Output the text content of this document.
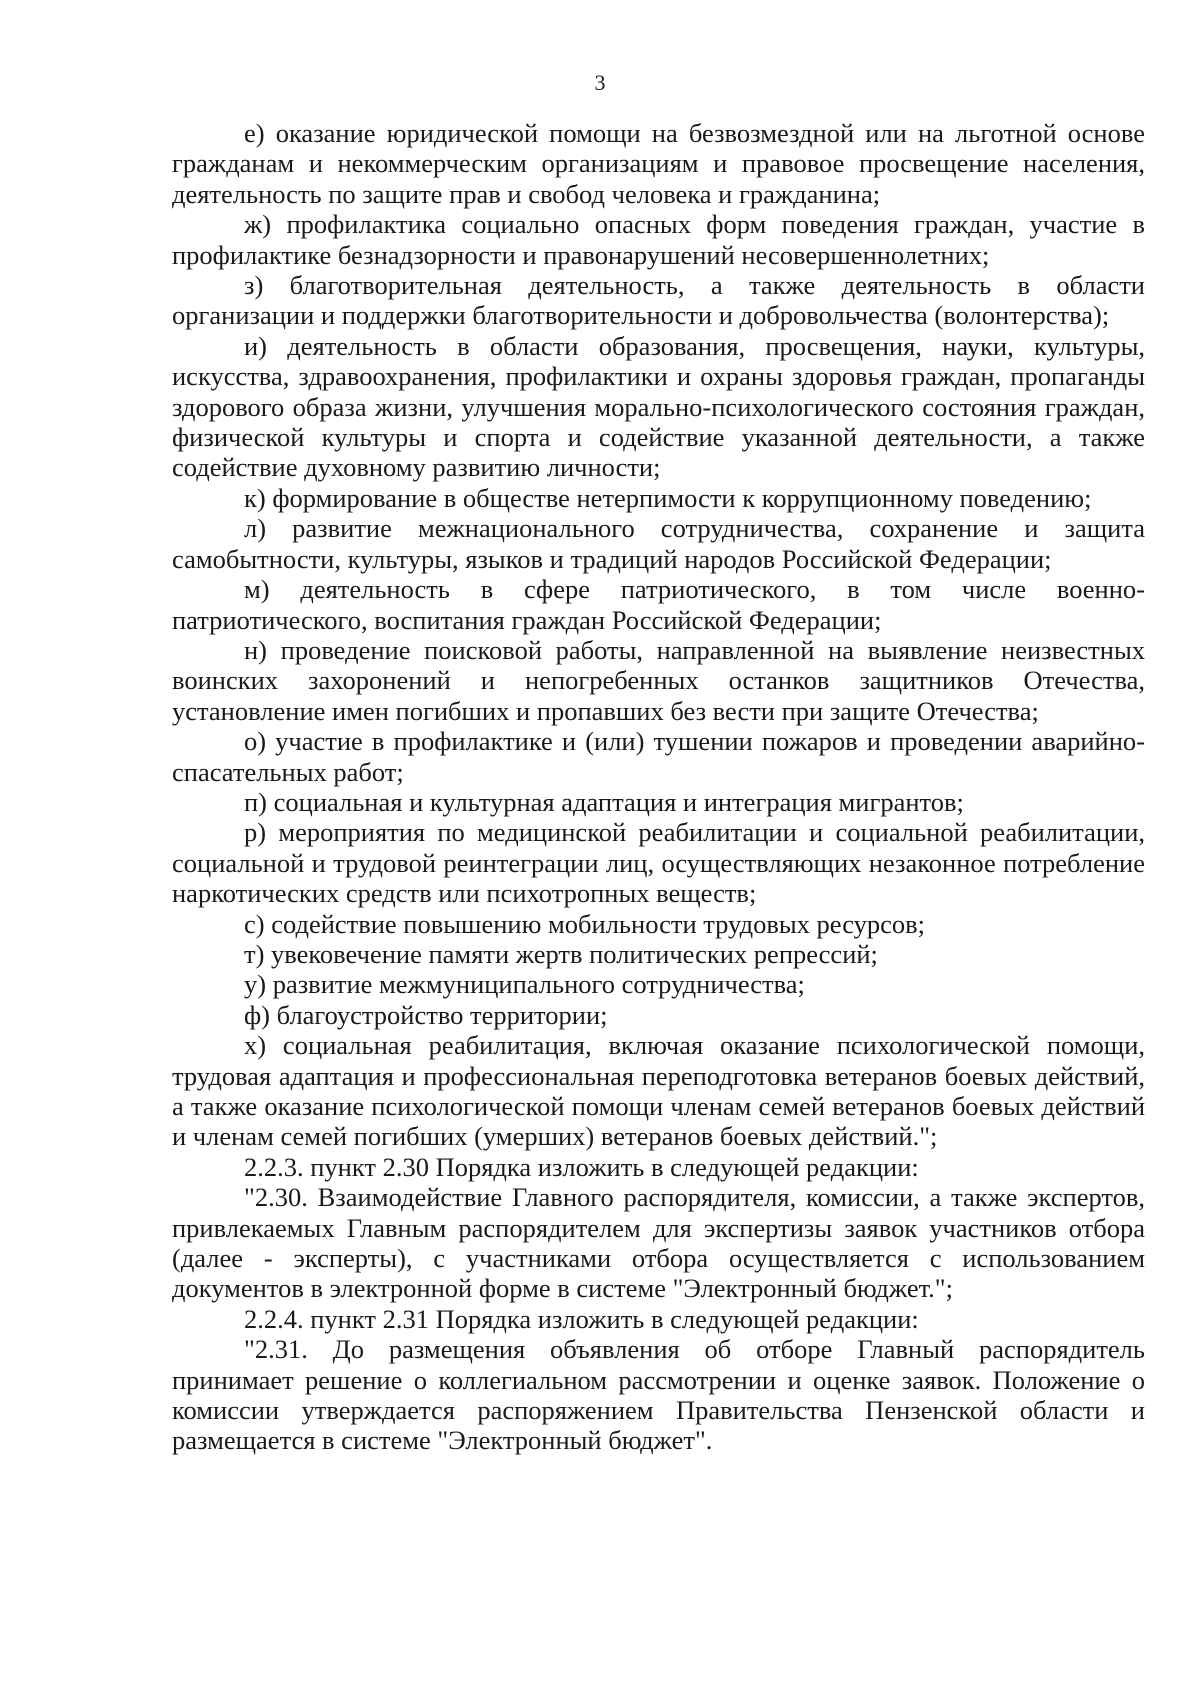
3

е) оказание юридической помощи на безвозмездной или на льготной основе гражданам и некоммерческим организациям и правовое просвещение населения, деятельность по защите прав и свобод человека и гражданина;

ж) профилактика социально опасных форм поведения граждан, участие в профилактике безнадзорности и правонарушений несовершеннолетних;

з) благотворительная деятельность, а также деятельность в области организации и поддержки благотворительности и добровольчества (волонтерства);

и) деятельность в области образования, просвещения, науки, культуры, искусства, здравоохранения, профилактики и охраны здоровья граждан, пропаганды здорового образа жизни, улучшения морально-психологического состояния граждан, физической культуры и спорта и содействие указанной деятельности, а также содействие духовному развитию личности;

к) формирование в обществе нетерпимости к коррупционному поведению;

л) развитие межнационального сотрудничества, сохранение и защита самобытности, культуры, языков и традиций народов Российской Федерации;

м) деятельность в сфере патриотического, в том числе военно-патриотического, воспитания граждан Российской Федерации;

н) проведение поисковой работы, направленной на выявление неизвестных воинских захоронений и непогребенных останков защитников Отечества, установление имен погибших и пропавших без вести при защите Отечества;

о) участие в профилактике и (или) тушении пожаров и проведении аварийно-спасательных работ;

п) социальная и культурная адаптация и интеграция мигрантов;

р) мероприятия по медицинской реабилитации и социальной реабилитации, социальной и трудовой реинтеграции лиц, осуществляющих незаконное потребление наркотических средств или психотропных веществ;

с) содействие повышению мобильности трудовых ресурсов;

т) увековечение памяти жертв политических репрессий;

у) развитие межмуниципального сотрудничества;

ф) благоустройство территории;

х) социальная реабилитация, включая оказание психологической помощи, трудовая адаптация и профессиональная переподготовка ветеранов боевых действий, а также оказание психологической помощи членам семей ветеранов боевых действий и членам семей погибших (умерших) ветеранов боевых действий.";

2.2.3. пункт 2.30 Порядка изложить в следующей редакции:

"2.30. Взаимодействие Главного распорядителя, комиссии, а также экспертов, привлекаемых Главным распорядителем для экспертизы заявок участников отбора (далее - эксперты), с участниками отбора осуществляется с использованием документов в электронной форме в системе "Электронный бюджет.";

2.2.4. пункт 2.31 Порядка изложить в следующей редакции:

"2.31. До размещения объявления об отборе Главный распорядитель принимает решение о коллегиальном рассмотрении и оценке заявок. Положение о комиссии утверждается распоряжением Правительства Пензенской области и размещается в системе "Электронный бюджет".
